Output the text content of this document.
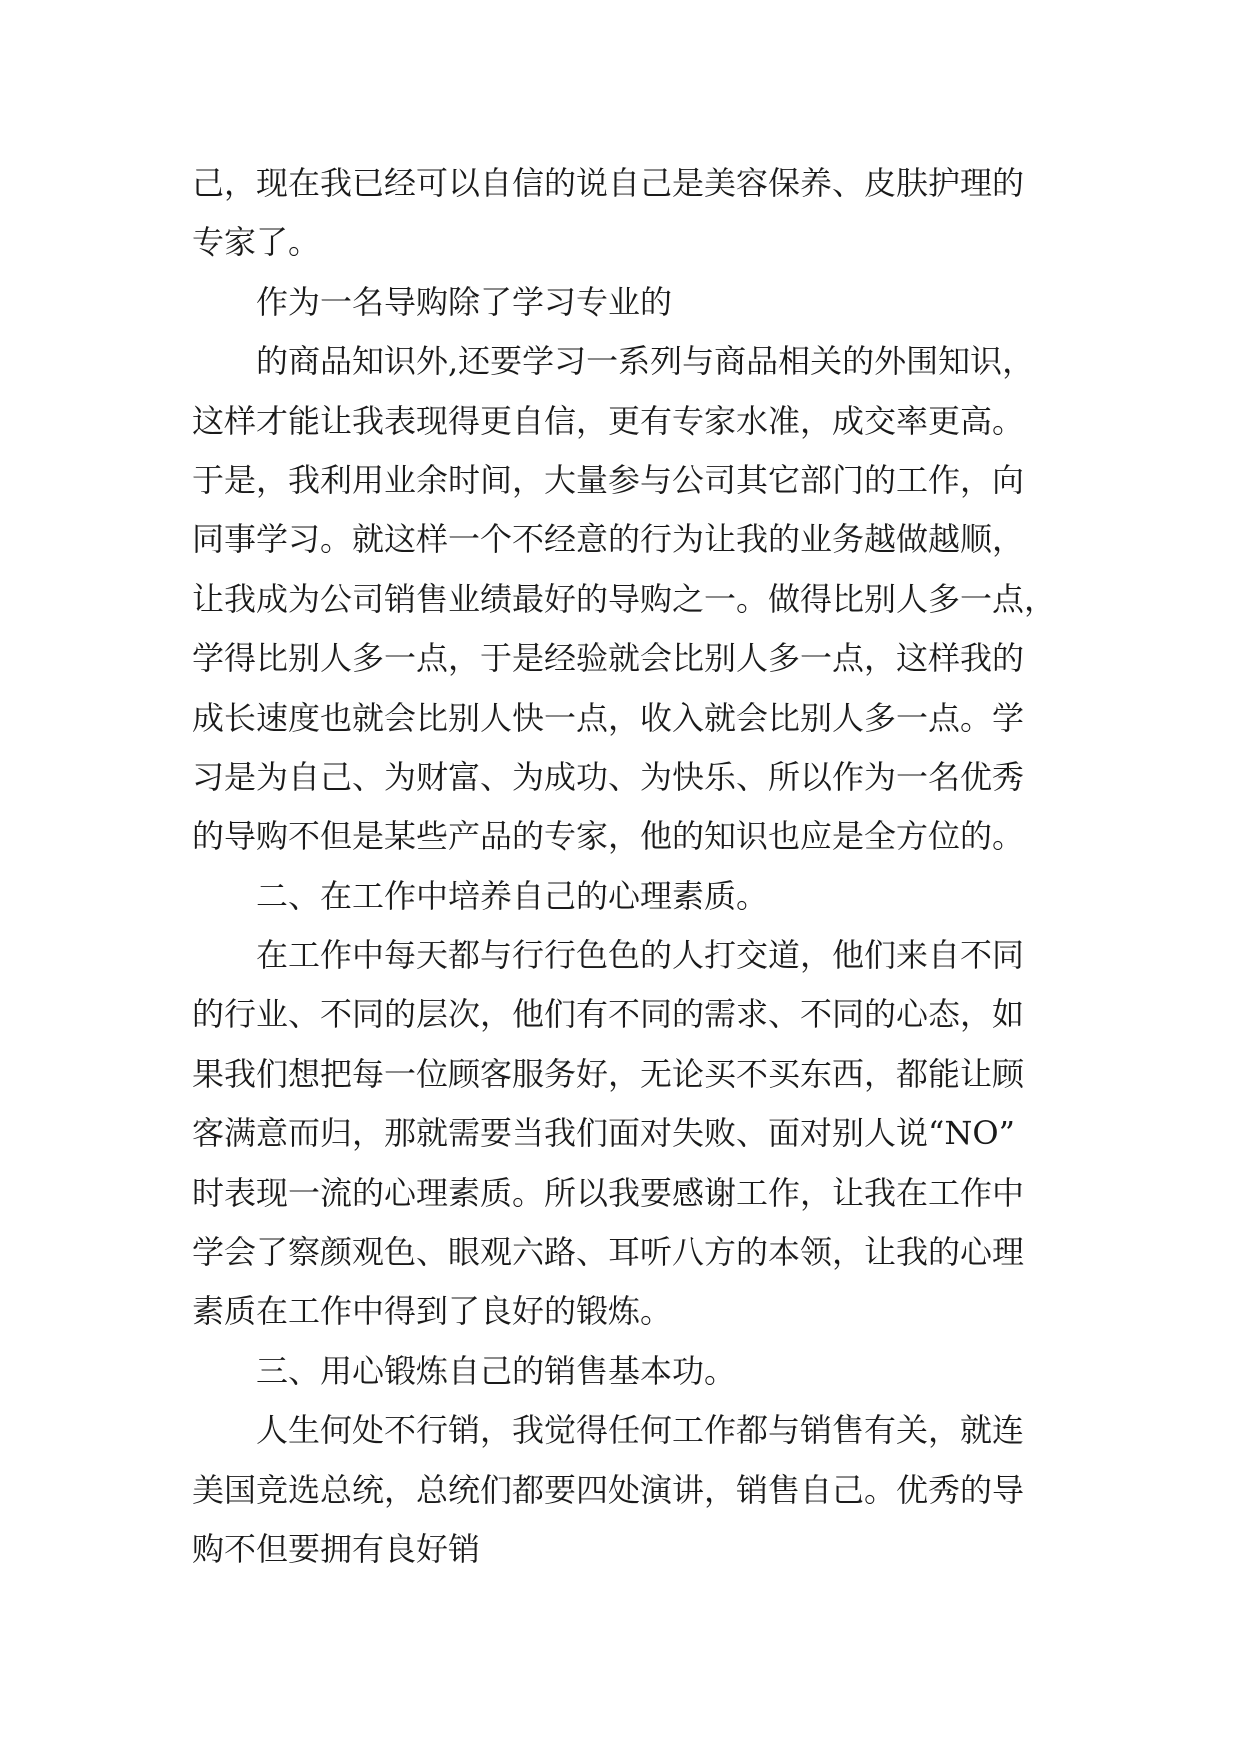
己，现在我已经可以自信的说自己是美容保养、皮肤护理的
专家了。
作为一名导购除了学习专业的
的商品知识外,还要学习一系列与商品相关的外围知识，
这样才能让我表现得更自信，更有专家水准，成交率更高。
于是，我利用业余时间，大量参与公司其它部门的工作，向
同事学习。就这样一个不经意的行为让我的业务越做越顺，
让我成为公司销售业绩最好的导购之一。做得比别人多一点，
学得比别人多一点，于是经验就会比别人多一点，这样我的
成长速度也就会比别人快一点，收入就会比别人多一点。学
习是为自己、为财富、为成功、为快乐、所以作为一名优秀
的导购不但是某些产品的专家，他的知识也应是全方位的。
二、在工作中培养自己的心理素质。
在工作中每天都与行行色色的人打交道，他们来自不同
的行业、不同的层次，他们有不同的需求、不同的心态，如
果我们想把每一位顾客服务好，无论买不买东西，都能让顾
客满意而归，那就需要当我们面对失败、面对别人说“NO”
时表现一流的心理素质。所以我要感谢工作，让我在工作中
学会了察颜观色、眼观六路、耳听八方的本领，让我的心理
素质在工作中得到了良好的锻炼。
三、用心锻炼自己的销售基本功。
人生何处不行销，我觉得任何工作都与销售有关，就连
美国竞选总统，总统们都要四处演讲，销售自己。优秀的导
购不但要拥有良好销
